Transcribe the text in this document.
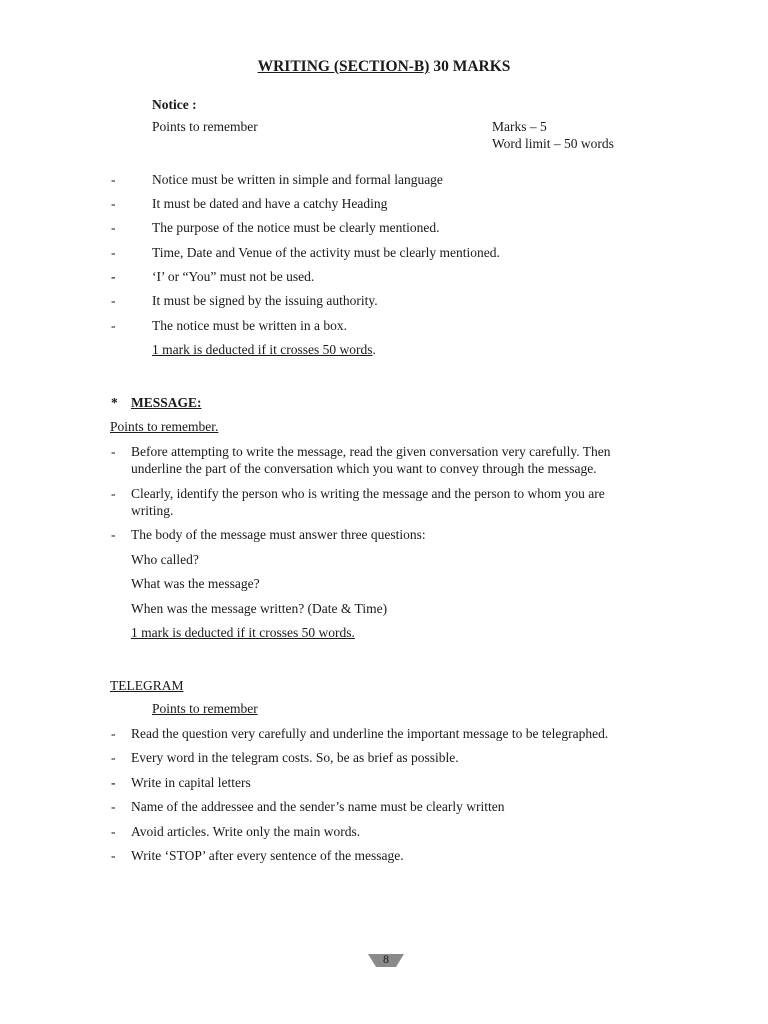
WRITING (SECTION-B) 30 MARKS
Notice :
Points to remember	Marks – 5
Word limit – 50 words
-	Notice must be written in simple and formal language
-	It must be dated and have a catchy Heading
-	The purpose of the notice must be clearly mentioned.
-	Time, Date and Venue of the activity must be clearly mentioned.
-	‘I’ or “You” must not be used.
-	It must be signed by the issuing authority.
-	The notice must be written in a box.
1 mark is deducted if it crosses 50 words.
* MESSAGE:
Points to remember.
- Before attempting to write the message, read the given conversation very carefully. Then
underline the part of the conversation which you want to convey through the message.
- Clearly, identify the person who is writing the message and the person to whom you are
writing.
- The body of the message must answer three questions:
Who called?
What was the message?
When was the message written? (Date & Time)
1 mark is deducted if it crosses 50 words.
TELEGRAM
Points to remember
- Read the question very carefully and underline the important message to be telegraphed.
- Every word in the telegram costs. So, be as brief as possible.
- Write in capital letters
- Name of the addressee and the sender’s name must be clearly written
- Avoid articles. Write only the main words.
- Write ‘STOP’ after every sentence of the message.
8
